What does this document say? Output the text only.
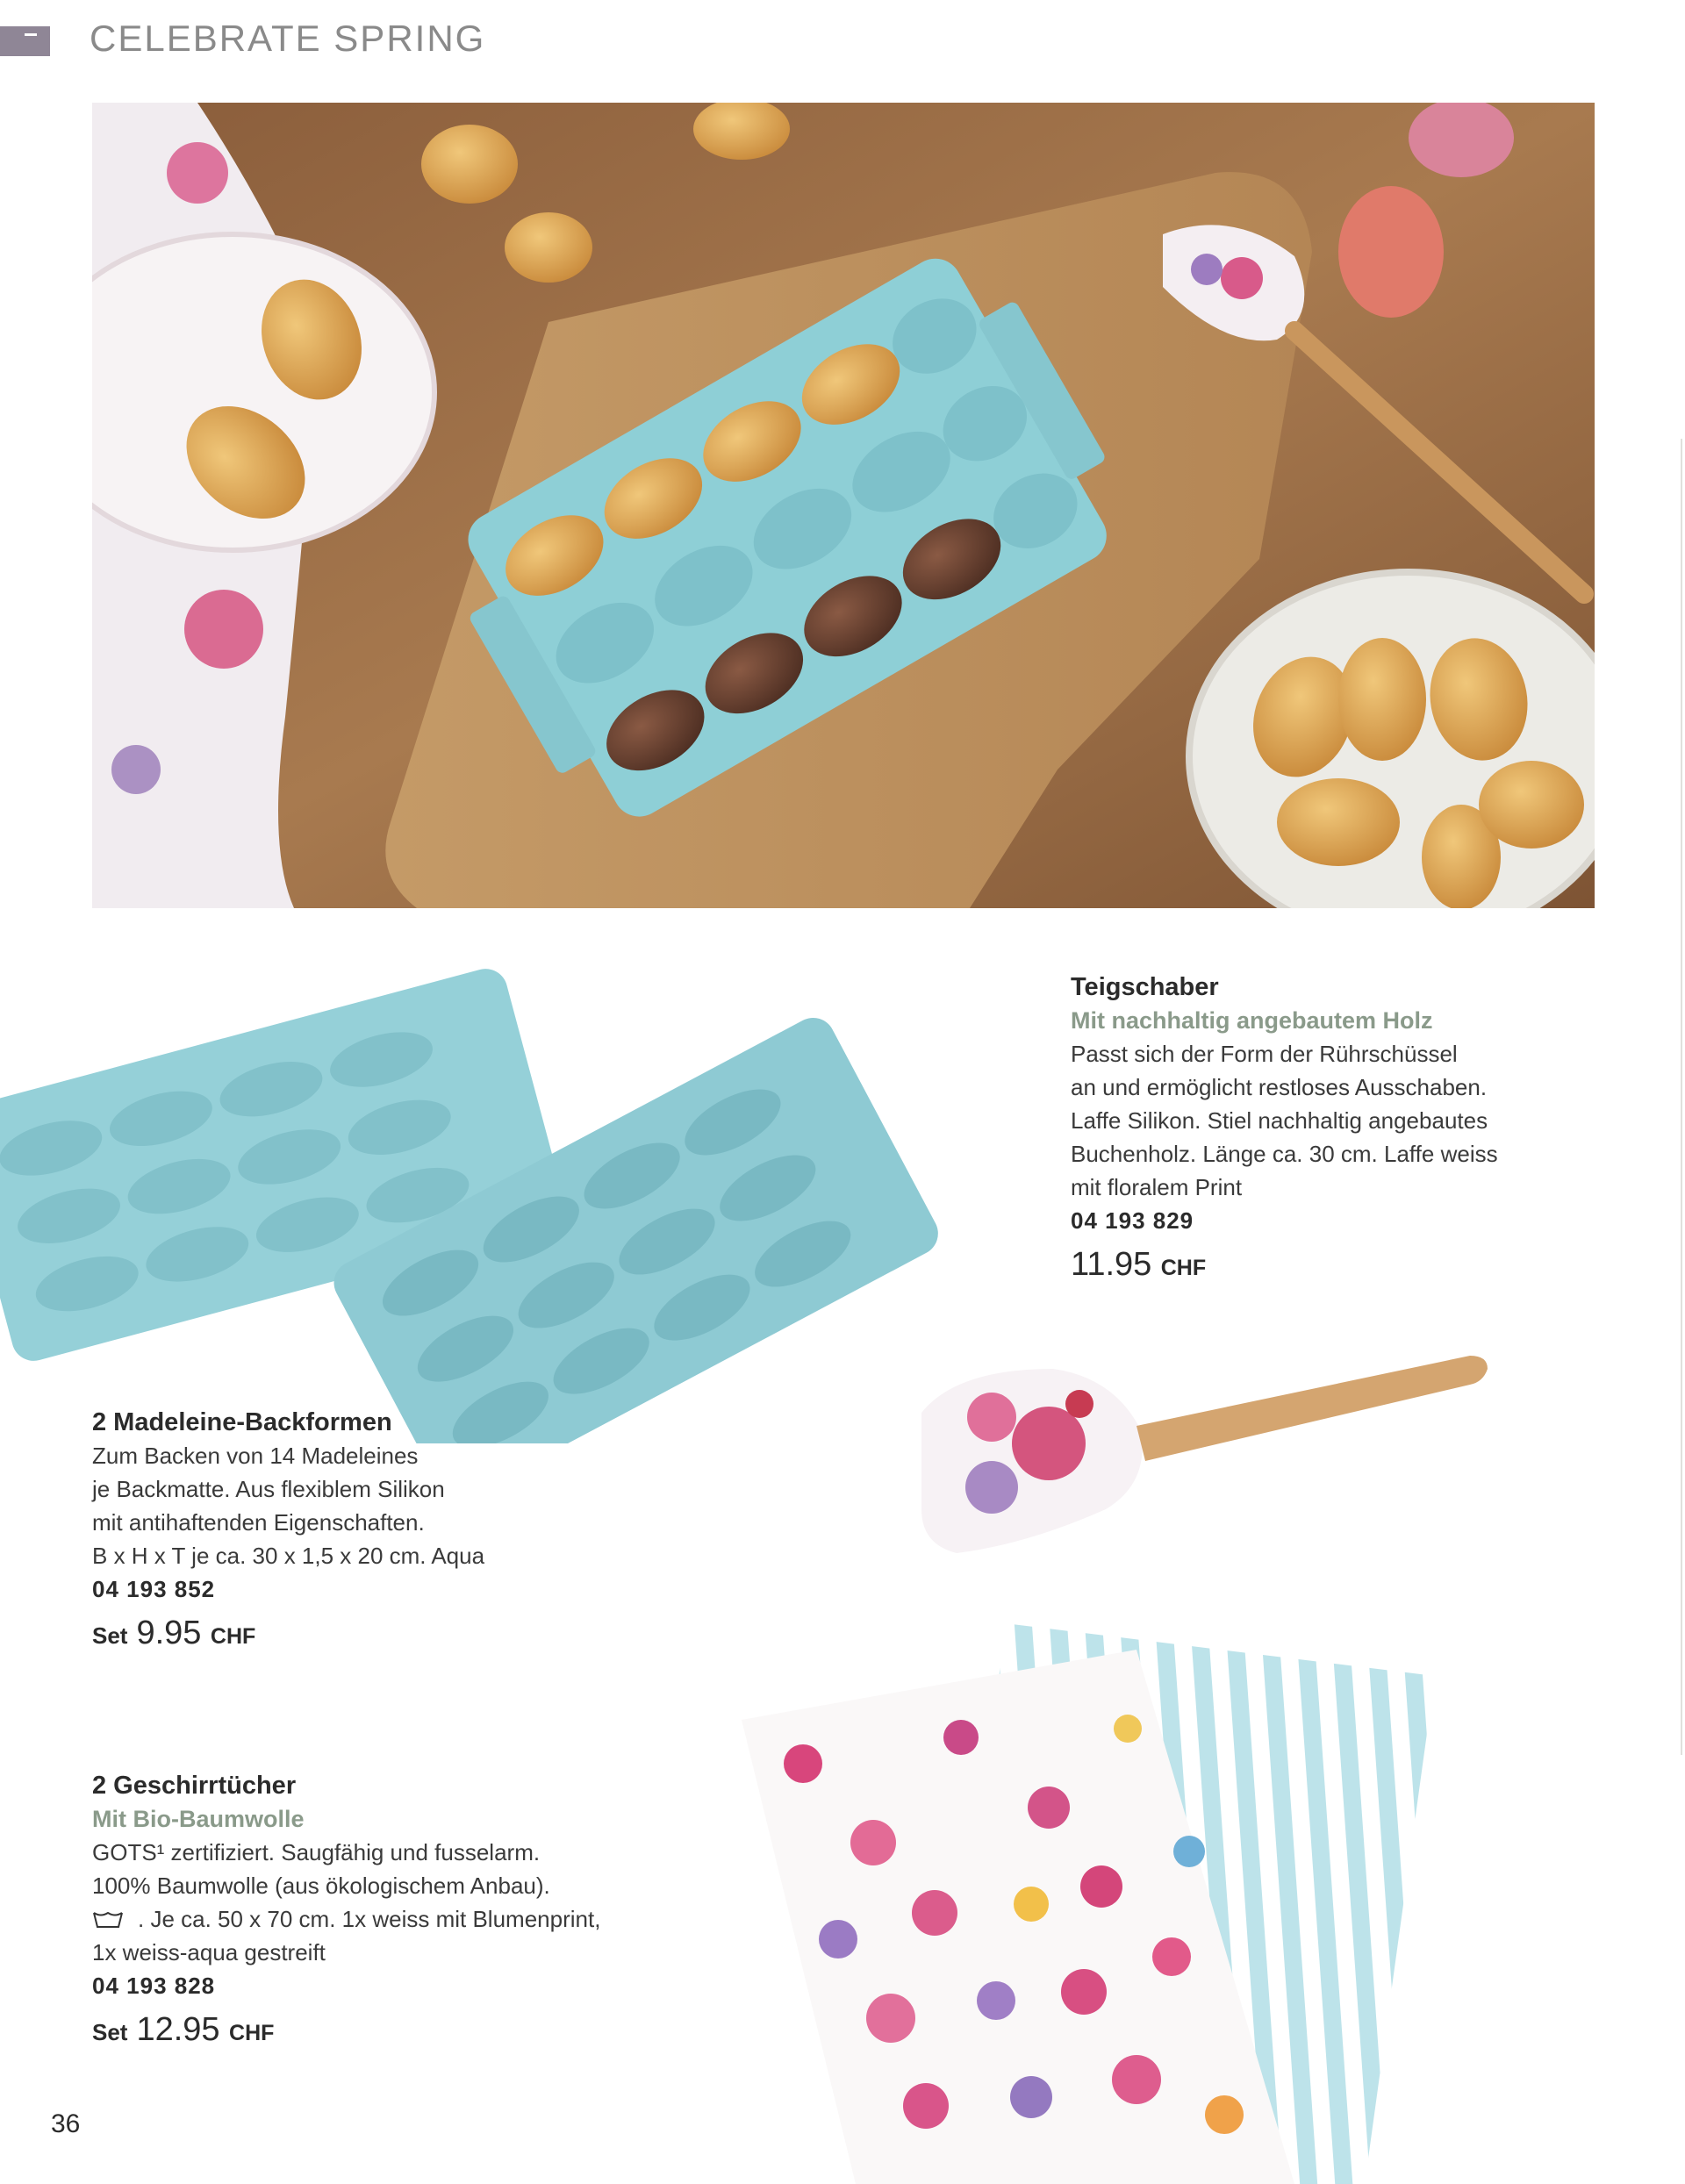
CELEBRATE SPRING
Teigschaber
Mit nachhaltig angebautem Holz
Passt sich der Form der Rührschüssel
an und ermöglicht restloses Ausschaben.
Laffe Silikon. Stiel nachhaltig angebautes
Buchenholz. Länge ca. 30 cm. Laffe weiss
mit floralem Print
04 193 829
11.95 CHF
2 Madeleine-Backformen
Zum Backen von 14 Madeleines
je Backmatte. Aus flexiblem Silikon
mit antihaftenden Eigenschaften.
B x H x T je ca. 30 x 1,5 x 20 cm. Aqua
04 193 852
Set 9.95 CHF
2 Geschirrtücher
Mit Bio-Baumwolle
GOTS¹ zertifiziert. Saugfähig und fusselarm.
100% Baumwolle (aus ökologischem Anbau).
  . Je ca. 50 x 70 cm. 1x weiss mit Blumenprint,
1x weiss-aqua gestreift
04 193 828
Set 12.95 CHF
36
